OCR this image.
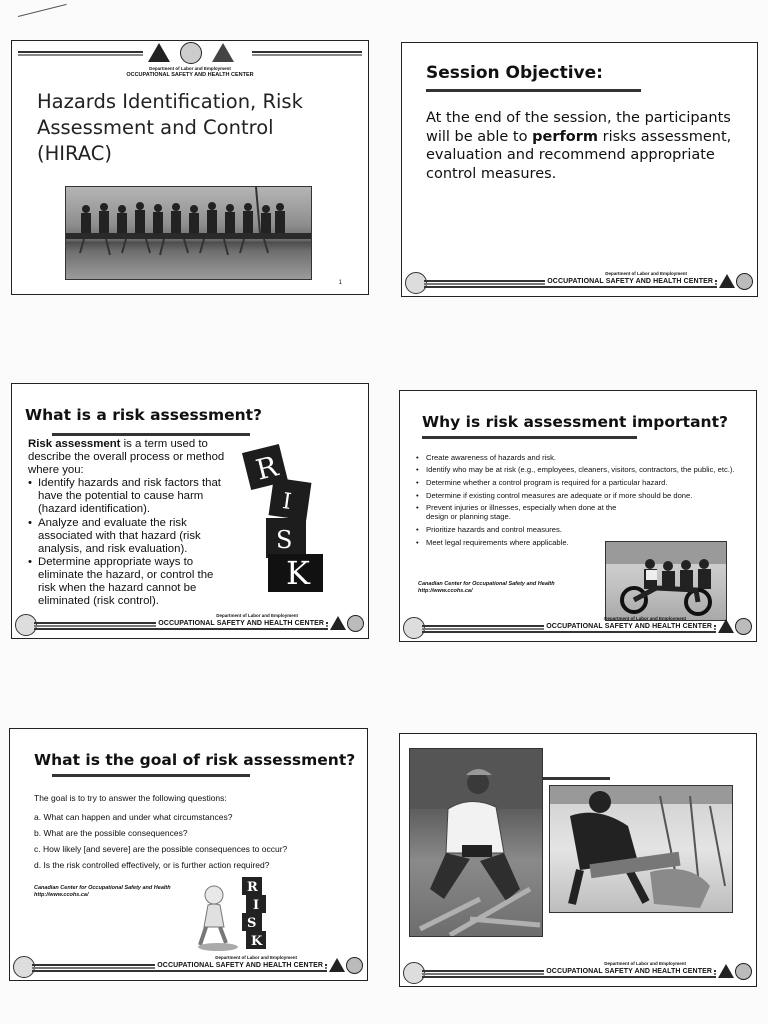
Department of Labor and Employment
OCCUPATIONAL SAFETY AND HEALTH CENTER
Hazards Identification, Risk Assessment and Control (HIRAC)
1
Session Objective:
At the end of the session, the participants will be able to perform risks assessment, evaluation and recommend appropriate control measures.
Department of Labor and Employment
OCCUPATIONAL SAFETY AND HEALTH CENTER
What is a risk assessment?
Risk assessment is a term used to describe the overall process or method where you:
• Identify hazards and risk factors that have the potential to cause harm (hazard identification).
• Analyze and evaluate the risk associated with that hazard (risk analysis, and risk evaluation).
• Determine appropriate ways to eliminate the hazard, or control the risk when the hazard cannot be eliminated (risk control).
R
I
S
K
Department of Labor and Employment
OCCUPATIONAL SAFETY AND HEALTH CENTER
Why is risk assessment important?
• Create awareness of hazards and risk.
• Identify who may be at risk (e.g., employees, cleaners, visitors, contractors, the public, etc.).
• Determine whether a control program is required for a particular hazard.
• Determine if existing control measures are adequate or if more should be done.
• Prevent injuries or illnesses, especially when done at the design or planning stage.
• Prioritize hazards and control measures.
• Meet legal requirements where applicable.
Canadian Center for Occupational Safety and Health
http://www.ccohs.ca/
Department of Labor and Employment
OCCUPATIONAL SAFETY AND HEALTH CENTER
What is the goal of risk assessment?
The goal is to try to answer the following questions:
a. What can happen and under what circumstances?
b. What are the possible consequences?
c. How likely [and severe] are the possible consequences to occur?
d. Is the risk controlled effectively, or is further action required?
Canadian Center for Occupational Safety and Health
http://www.ccohs.ca/	R
I
S
K
Department of Labor and Employment
OCCUPATIONAL SAFETY AND HEALTH CENTER	Department of Labor and Employment
OCCUPATIONAL SAFETY AND HEALTH CENTER
